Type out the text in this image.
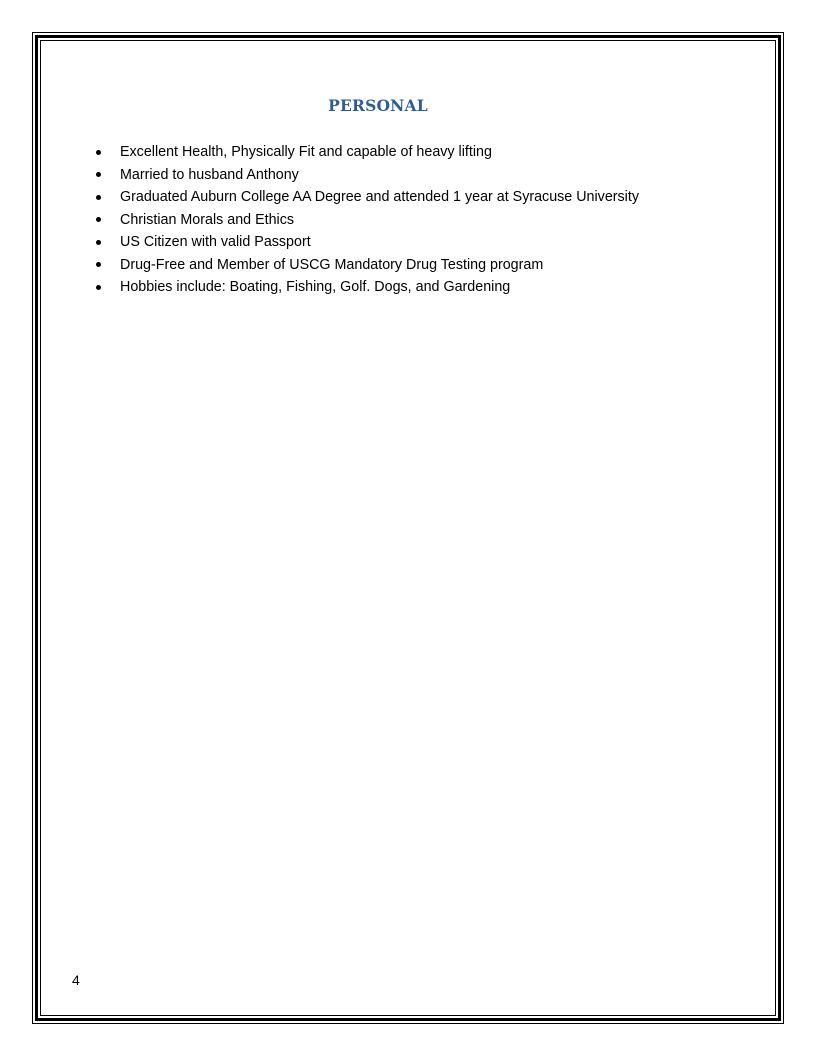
PERSONAL
Excellent Health, Physically Fit and capable of heavy lifting
Married to husband Anthony
Graduated Auburn College AA Degree and attended 1 year at Syracuse University
Christian Morals and Ethics
US Citizen with valid Passport
Drug-Free and Member of USCG Mandatory Drug Testing program
Hobbies include: Boating, Fishing, Golf. Dogs, and Gardening
4
